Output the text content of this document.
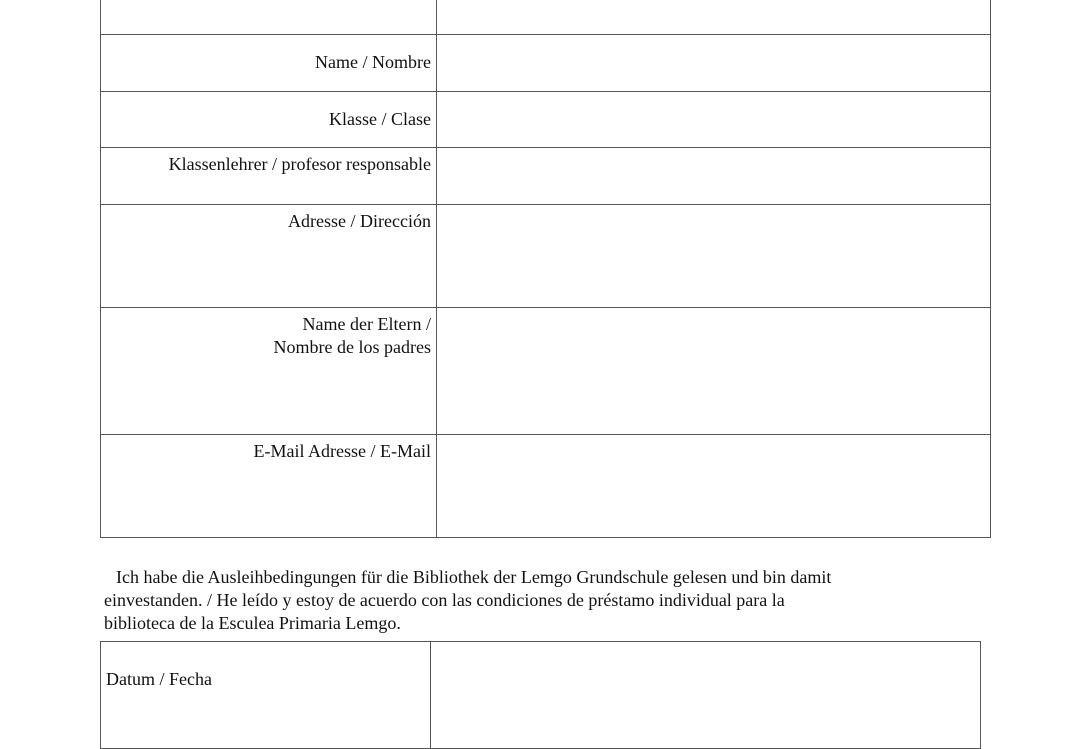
Name / Nombre	
Klasse / Clase	
Klassenlehrer / profesor responsable	
Adresse / Dirección	

Name der Eltern /
Nombre de los padres	

E-Mail Adresse / E-Mail	

Ich habe die Ausleihbedingungen für die Bibliothek der Lemgo Grundschule gelesen und bin damit
einvestanden. / He leído y estoy de acuerdo con las condiciones de préstamo individual para la
biblioteca de la Esculea Primaria Lemgo.

Datum / Fecha	
